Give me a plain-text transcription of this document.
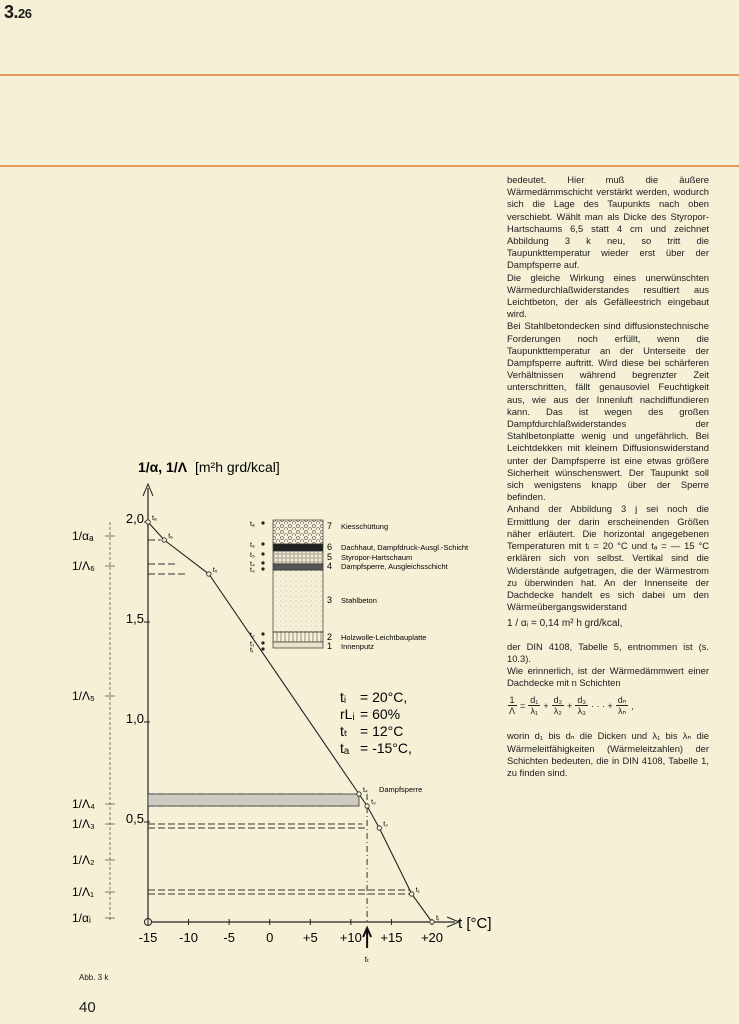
3.26

bedeutet. Hier muß die äußere Wärmedämmschicht verstärkt werden, wodurch sich die Lage des Taupunkts nach oben verschiebt. Wählt man als Dicke des Styropor-Hartschaums 6,5 statt 4 cm und zeichnet Abbildung 3 k neu, so tritt die Taupunkttemperatur wieder erst über der Dampfsperre auf.

Die gleiche Wirkung eines unerwünschten Wärmedurchlaßwiderstandes resultiert aus Leichtbeton, der als Gefälleestrich eingebaut wird.

Bei Stahlbetondecken sind diffusionstechnische Forderungen noch erfüllt, wenn die Taupunkttemperatur an der Unterseite der Dampfsperre auftritt. Wird diese bei schärferen Verhältnissen während begrenzter Zeit unterschritten, fällt genausoviel Feuchtigkeit aus, wie aus der Innenluft nachdiffundieren kann. Das ist wegen des großen Dampfdurchlaßwiderstandes der Stahlbetonplatte wenig und ungefährlich. Bei Leichtdekken mit kleinem Diffusionswiderstand unter der Dampfsperre ist eine etwas größere Sicherheit wünschenswert. Der Taupunkt soll sich wenigstens knapp über der Sperre befinden.

Anhand der Abbildung 3 j sei noch die Ermittlung der darin erscheinenden Größen näher erläutert. Die horizontal angegebenen Temperaturen mit tᵢ = 20 °C und tₐ = — 15 °C erklären sich von selbst. Vertikal sind die Widerstände aufgetragen, die der Wärmestrom zu überwinden hat. An der Innenseite der Dachdecke handelt es sich dabei um den Wärmeübergangswiderstand

1 / αᵢ = 0,14 m² h grd/kcal,

der DIN 4108, Tabelle 5, entnommen ist (s. 10.3).

Wie erinnerlich, ist der Wärmedämmwert einer Dachdecke mit n Schichten

$\frac{1}{\Lambda} = \frac{\text{d₁}}{\text{λ₁}} + \frac{\text{d₂}}{\text{λ₂}} + \frac{\text{d₃}}{\text{λ₃}}$ · · · + $\frac{\text{dₙ}}{\text{λₙ}}$ ,

worin d₁ bis dₙ die Dicken und λ₁ bis λₙ die Wärmeleitfähigkeiten (Wärmeleitzahlen) der Schichten bedeuten, die in DIN 4108, Tabelle 1, zu finden sind.

-15 -10 -5 0 +5 +10 +15 +20
0,5
1,0
1,5
2,0
tₜ
Dampfsperre
tᵢ
t₁
t₂
t₃
t₄
t₅
t₆
tₐ
1/αₐ
1/Λ₆
1/Λ₅
1/Λ₄
1/Λ₃
1/Λ₂
1/Λ₁
1/αᵢ
7 Kiesschüttung
tₐ
6 Dachhaut, Dampfdruck-Ausgl.-Schicht
t₆
5 Styropor-Hartschaum
t₅
4 Dampfsperre, Ausgleichsschicht
t₄
t₃
3 Stahlbeton
2 Holzwolle-Leichtbauplatte
t₂
1 Innenputz
t₁
tᵢ
1/α, 1/Λ [m²h grd/kcal]
t [°C]
tᵢ = 20°C,
rLᵢ = 60%
tₜ = 12°C
tₐ = -15°C,
Abb. 3 k
40
